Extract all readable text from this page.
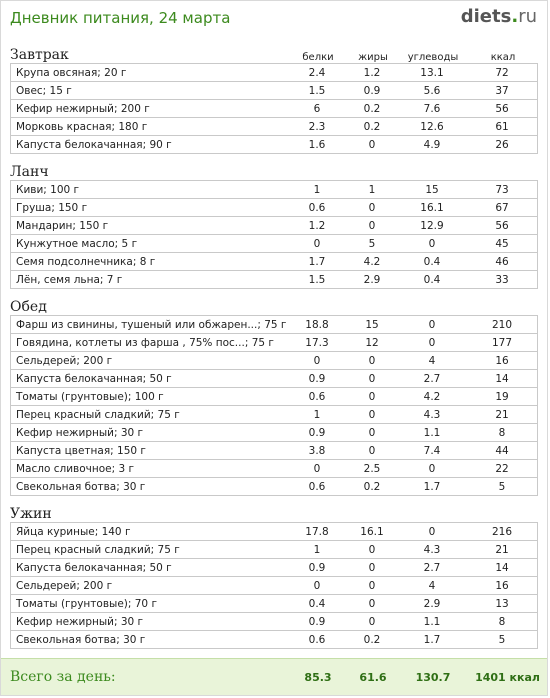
Дневник питания, 24 марта	diets.ru
Завтрак	белки	жиры	углеводы	ккал
Крупа овсяная; 20 г	2.4	1.2	13.1	72
Овес; 15 г	1.5	0.9	5.6	37
Кефир нежирный; 200 г	6	0.2	7.6	56
Морковь красная; 180 г	2.3	0.2	12.6	61
Капуста белокачанная; 90 г	1.6	0	4.9	26
Ланч
Киви; 100 г	1	1	15	73
Груша; 150 г	0.6	0	16.1	67
Мандарин; 150 г	1.2	0	12.9	56
Кунжутное масло; 5 г	0	5	0	45
Семя подсолнечника; 8 г	1.7	4.2	0.4	46
Лён, семя льна; 7 г	1.5	2.9	0.4	33
Обед
Фарш из свинины, тушеный или обжарен...; 75 г	18.8	15	0	210
Говядина, котлеты из фарша , 75% пос...; 75 г	17.3	12	0	177
Сельдерей; 200 г	0	0	4	16
Капуста белокачанная; 50 г	0.9	0	2.7	14
Томаты (грунтовые); 100 г	0.6	0	4.2	19
Перец красный сладкий; 75 г	1	0	4.3	21
Кефир нежирный; 30 г	0.9	0	1.1	8
Капуста цветная; 150 г	3.8	0	7.4	44
Масло сливочное; 3 г	0	2.5	0	22
Свекольная ботва; 30 г	0.6	0.2	1.7	5
Ужин
Яйца куриные; 140 г	17.8	16.1	0	216
Перец красный сладкий; 75 г	1	0	4.3	21
Капуста белокачанная; 50 г	0.9	0	2.7	14
Сельдерей; 200 г	0	0	4	16
Томаты (грунтовые); 70 г	0.4	0	2.9	13
Кефир нежирный; 30 г	0.9	0	1.1	8
Свекольная ботва; 30 г	0.6	0.2	1.7	5
Всего за день:	85.3	61.6	130.7	1401 ккал
